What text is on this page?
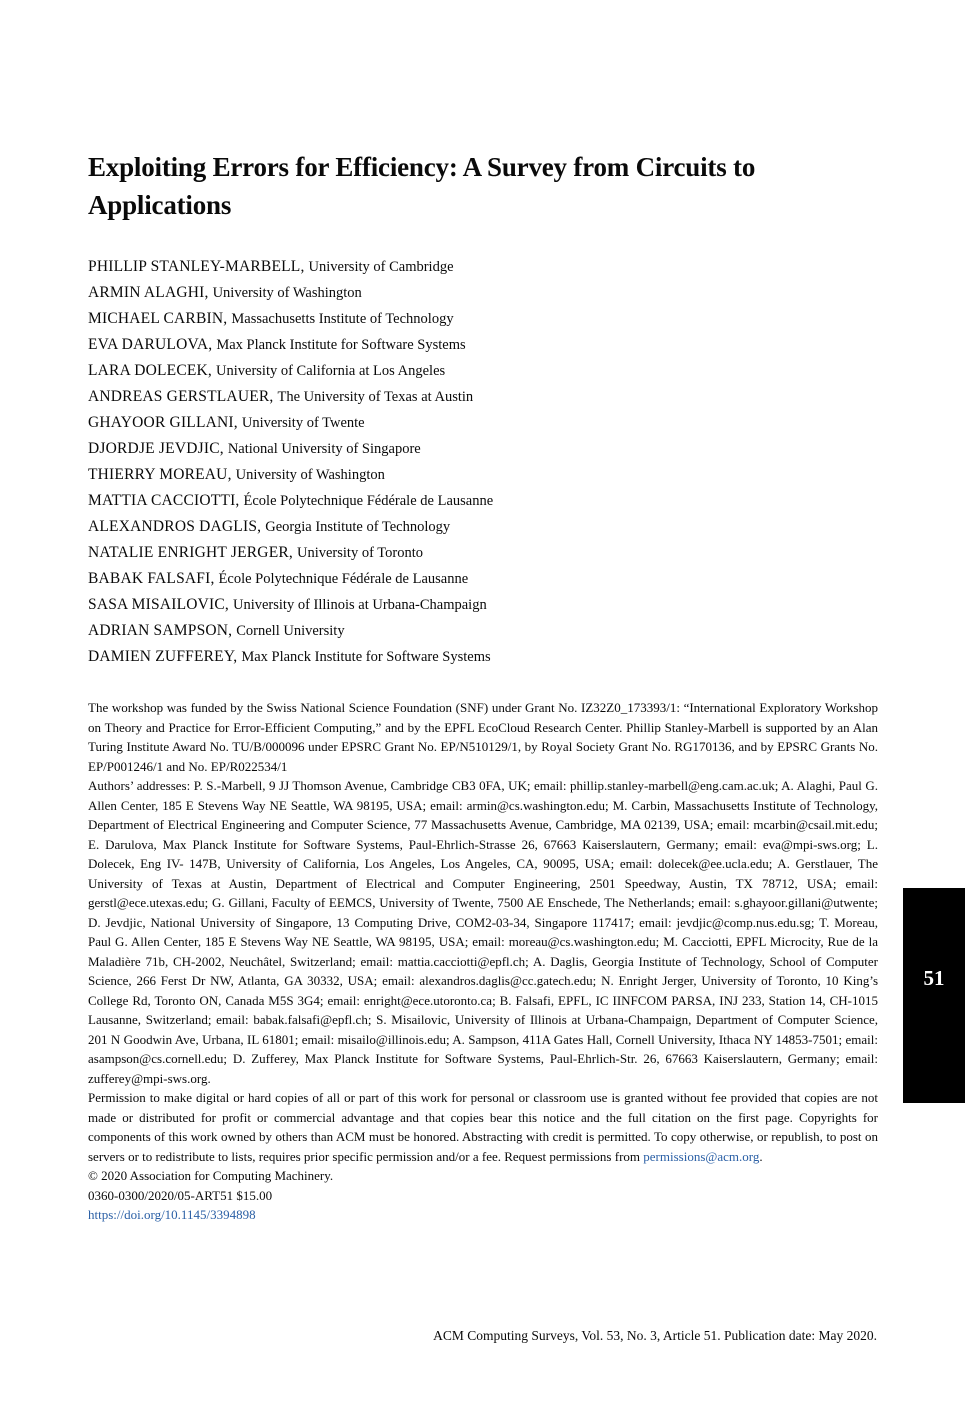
Exploiting Errors for Efficiency: A Survey from Circuits to Applications
PHILLIP STANLEY-MARBELL, University of Cambridge
ARMIN ALAGHI, University of Washington
MICHAEL CARBIN, Massachusetts Institute of Technology
EVA DARULOVA, Max Planck Institute for Software Systems
LARA DOLECEK, University of California at Los Angeles
ANDREAS GERSTLAUER, The University of Texas at Austin
GHAYOOR GILLANI, University of Twente
DJORDJE JEVDJIC, National University of Singapore
THIERRY MOREAU, University of Washington
MATTIA CACCIOTTI, École Polytechnique Fédérale de Lausanne
ALEXANDROS DAGLIS, Georgia Institute of Technology
NATALIE ENRIGHT JERGER, University of Toronto
BABAK FALSAFI, École Polytechnique Fédérale de Lausanne
SASA MISAILOVIC, University of Illinois at Urbana-Champaign
ADRIAN SAMPSON, Cornell University
DAMIEN ZUFFEREY, Max Planck Institute for Software Systems

The workshop was funded by the Swiss National Science Foundation (SNF) under Grant No. IZ32Z0_173393/1: “International Exploratory Workshop on Theory and Practice for Error-Efficient Computing,” and by the EPFL EcoCloud Research Center. Phillip Stanley-Marbell is supported by an Alan Turing Institute Award No. TU/B/000096 under EPSRC Grant No. EP/N510129/1, by Royal Society Grant No. RG170136, and by EPSRC Grants No. EP/P001246/1 and No. EP/R022534/1

Authors’ addresses: P. S.-Marbell, 9 JJ Thomson Avenue, Cambridge CB3 0FA, UK; email: phillip.stanley-marbell@eng.cam.ac.uk; A. Alaghi, Paul G. Allen Center, 185 E Stevens Way NE Seattle, WA 98195, USA; email: armin@cs.washington.edu; M. Carbin, Massachusetts Institute of Technology, Department of Electrical Engineering and Computer Science, 77 Massachusetts Avenue, Cambridge, MA 02139, USA; email: mcarbin@csail.mit.edu; E. Darulova, Max Planck Institute for Software Systems, Paul-Ehrlich-Strasse 26, 67663 Kaiserslautern, Germany; email: eva@mpi-sws.org; L. Dolecek, Eng IV- 147B, University of California, Los Angeles, Los Angeles, CA, 90095, USA; email: dolecek@ee.ucla.edu; A. Gerstlauer, The University of Texas at Austin, Department of Electrical and Computer Engineering, 2501 Speedway, Austin, TX 78712, USA; email: gerstl@ece.utexas.edu; G. Gillani, Faculty of EEMCS, University of Twente, 7500 AE Enschede, The Netherlands; email: s.ghayoor.gillani@utwente; D. Jevdjic, National University of Singapore, 13 Computing Drive, COM2-03-34, Singapore 117417; email: jevdjic@comp.nus.edu.sg; T. Moreau, Paul G. Allen Center, 185 E Stevens Way NE Seattle, WA 98195, USA; email: moreau@cs.washington.edu; M. Cacciotti, EPFL Microcity, Rue de la Maladière 71b, CH-2002, Neuchâtel, Switzerland; email: mattia.cacciotti@epfl.ch; A. Daglis, Georgia Institute of Technology, School of Computer Science, 266 Ferst Dr NW, Atlanta, GA 30332, USA; email: alexandros.daglis@cc.gatech.edu; N. Enright Jerger, University of Toronto, 10 King’s College Rd, Toronto ON, Canada M5S 3G4; email: enright@ece.utoronto.ca; B. Falsafi, EPFL, IC IINFCOM PARSA, INJ 233, Station 14, CH-1015 Lausanne, Switzerland; email: babak.falsafi@epfl.ch; S. Misailovic, University of Illinois at Urbana-Champaign, Department of Computer Science, 201 N Goodwin Ave, Urbana, IL 61801; email: misailo@illinois.edu; A. Sampson, 411A Gates Hall, Cornell University, Ithaca NY 14853-7501; email: asampson@cs.cornell.edu; D. Zufferey, Max Planck Institute for Software Systems, Paul-Ehrlich-Str. 26, 67663 Kaiserslautern, Germany; email: zufferey@mpi-sws.org.

Permission to make digital or hard copies of all or part of this work for personal or classroom use is granted without fee provided that copies are not made or distributed for profit or commercial advantage and that copies bear this notice and the full citation on the first page. Copyrights for components of this work owned by others than ACM must be honored. Abstracting with credit is permitted. To copy otherwise, or republish, to post on servers or to redistribute to lists, requires prior specific permission and/or a fee. Request permissions from permissions@acm.org.

© 2020 Association for Computing Machinery.

0360-0300/2020/05-ART51 $15.00

https://doi.org/10.1145/3394898

51
ACM Computing Surveys, Vol. 53, No. 3, Article 51. Publication date: May 2020.
